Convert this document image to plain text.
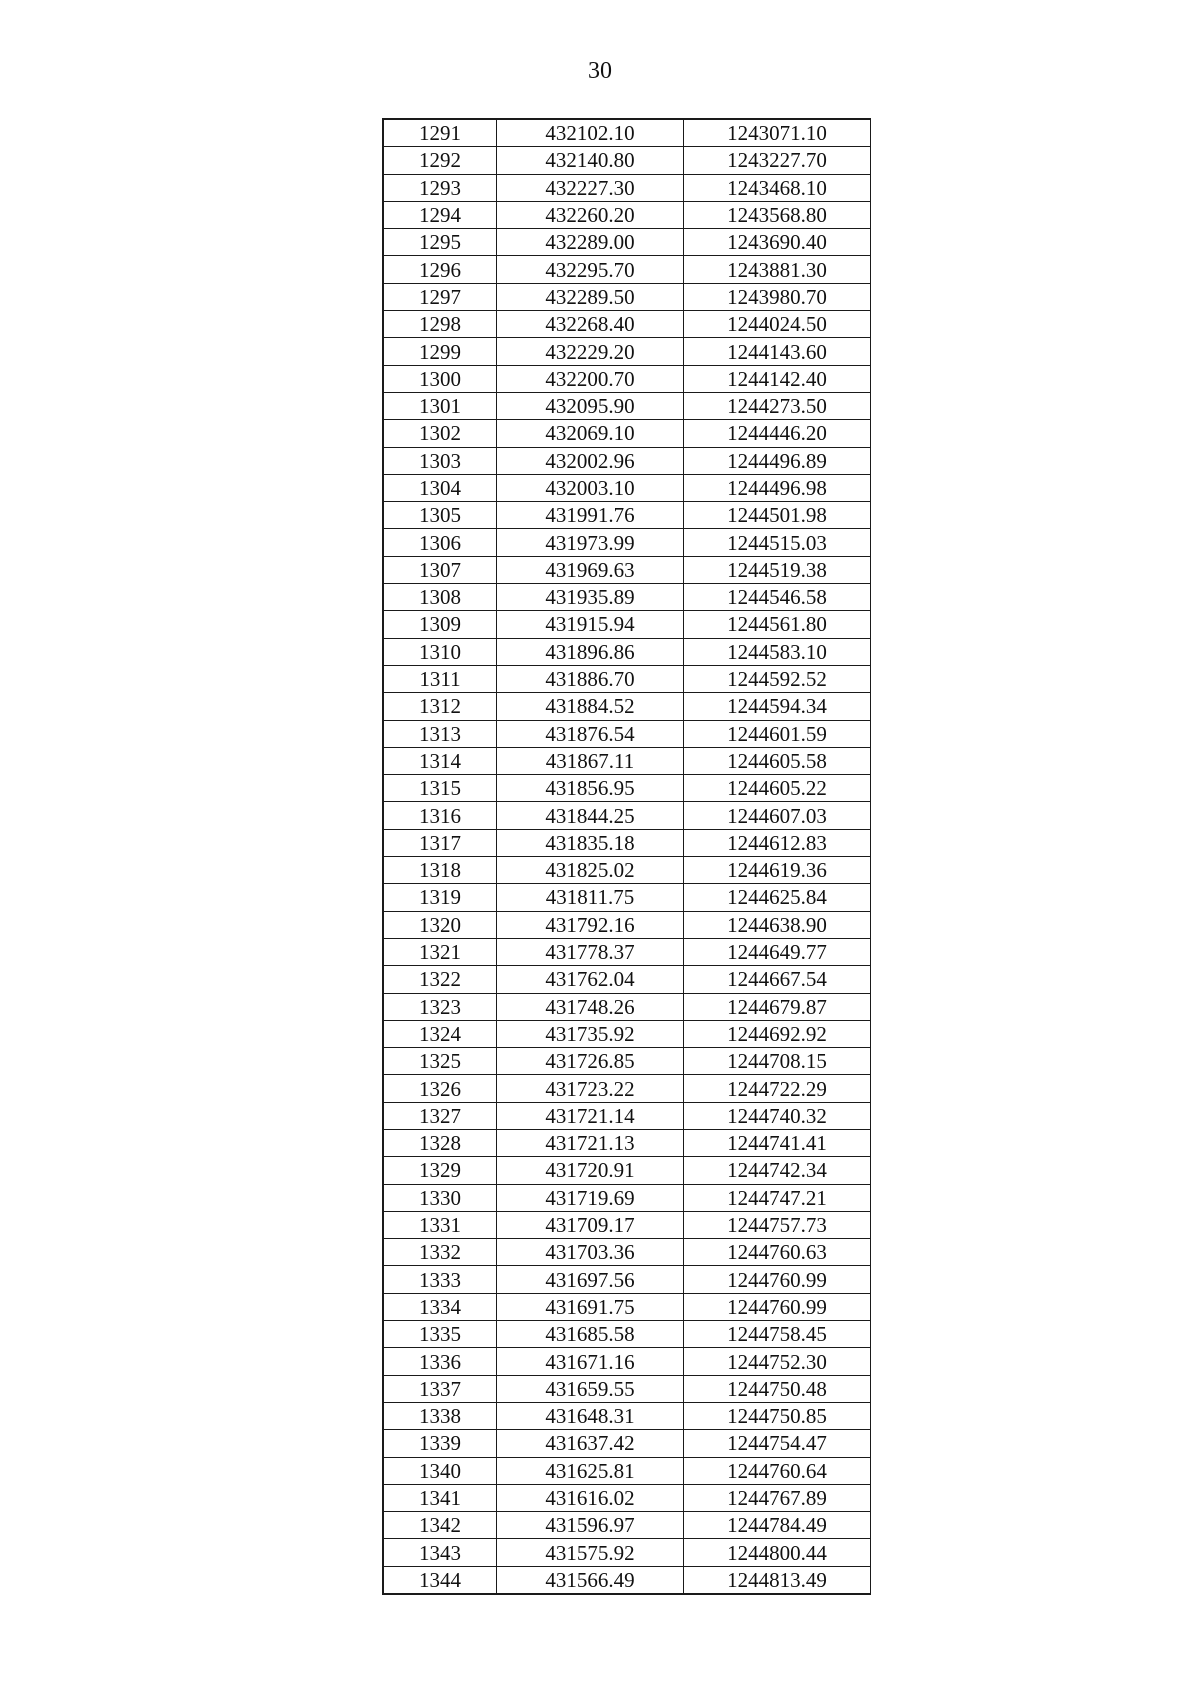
30
1291	432102.10	1243071.10
1292	432140.80	1243227.70
1293	432227.30	1243468.10
1294	432260.20	1243568.80
1295	432289.00	1243690.40
1296	432295.70	1243881.30
1297	432289.50	1243980.70
1298	432268.40	1244024.50
1299	432229.20	1244143.60
1300	432200.70	1244142.40
1301	432095.90	1244273.50
1302	432069.10	1244446.20
1303	432002.96	1244496.89
1304	432003.10	1244496.98
1305	431991.76	1244501.98
1306	431973.99	1244515.03
1307	431969.63	1244519.38
1308	431935.89	1244546.58
1309	431915.94	1244561.80
1310	431896.86	1244583.10
1311	431886.70	1244592.52
1312	431884.52	1244594.34
1313	431876.54	1244601.59
1314	431867.11	1244605.58
1315	431856.95	1244605.22
1316	431844.25	1244607.03
1317	431835.18	1244612.83
1318	431825.02	1244619.36
1319	431811.75	1244625.84
1320	431792.16	1244638.90
1321	431778.37	1244649.77
1322	431762.04	1244667.54
1323	431748.26	1244679.87
1324	431735.92	1244692.92
1325	431726.85	1244708.15
1326	431723.22	1244722.29
1327	431721.14	1244740.32
1328	431721.13	1244741.41
1329	431720.91	1244742.34
1330	431719.69	1244747.21
1331	431709.17	1244757.73
1332	431703.36	1244760.63
1333	431697.56	1244760.99
1334	431691.75	1244760.99
1335	431685.58	1244758.45
1336	431671.16	1244752.30
1337	431659.55	1244750.48
1338	431648.31	1244750.85
1339	431637.42	1244754.47
1340	431625.81	1244760.64
1341	431616.02	1244767.89
1342	431596.97	1244784.49
1343	431575.92	1244800.44
1344	431566.49	1244813.49
